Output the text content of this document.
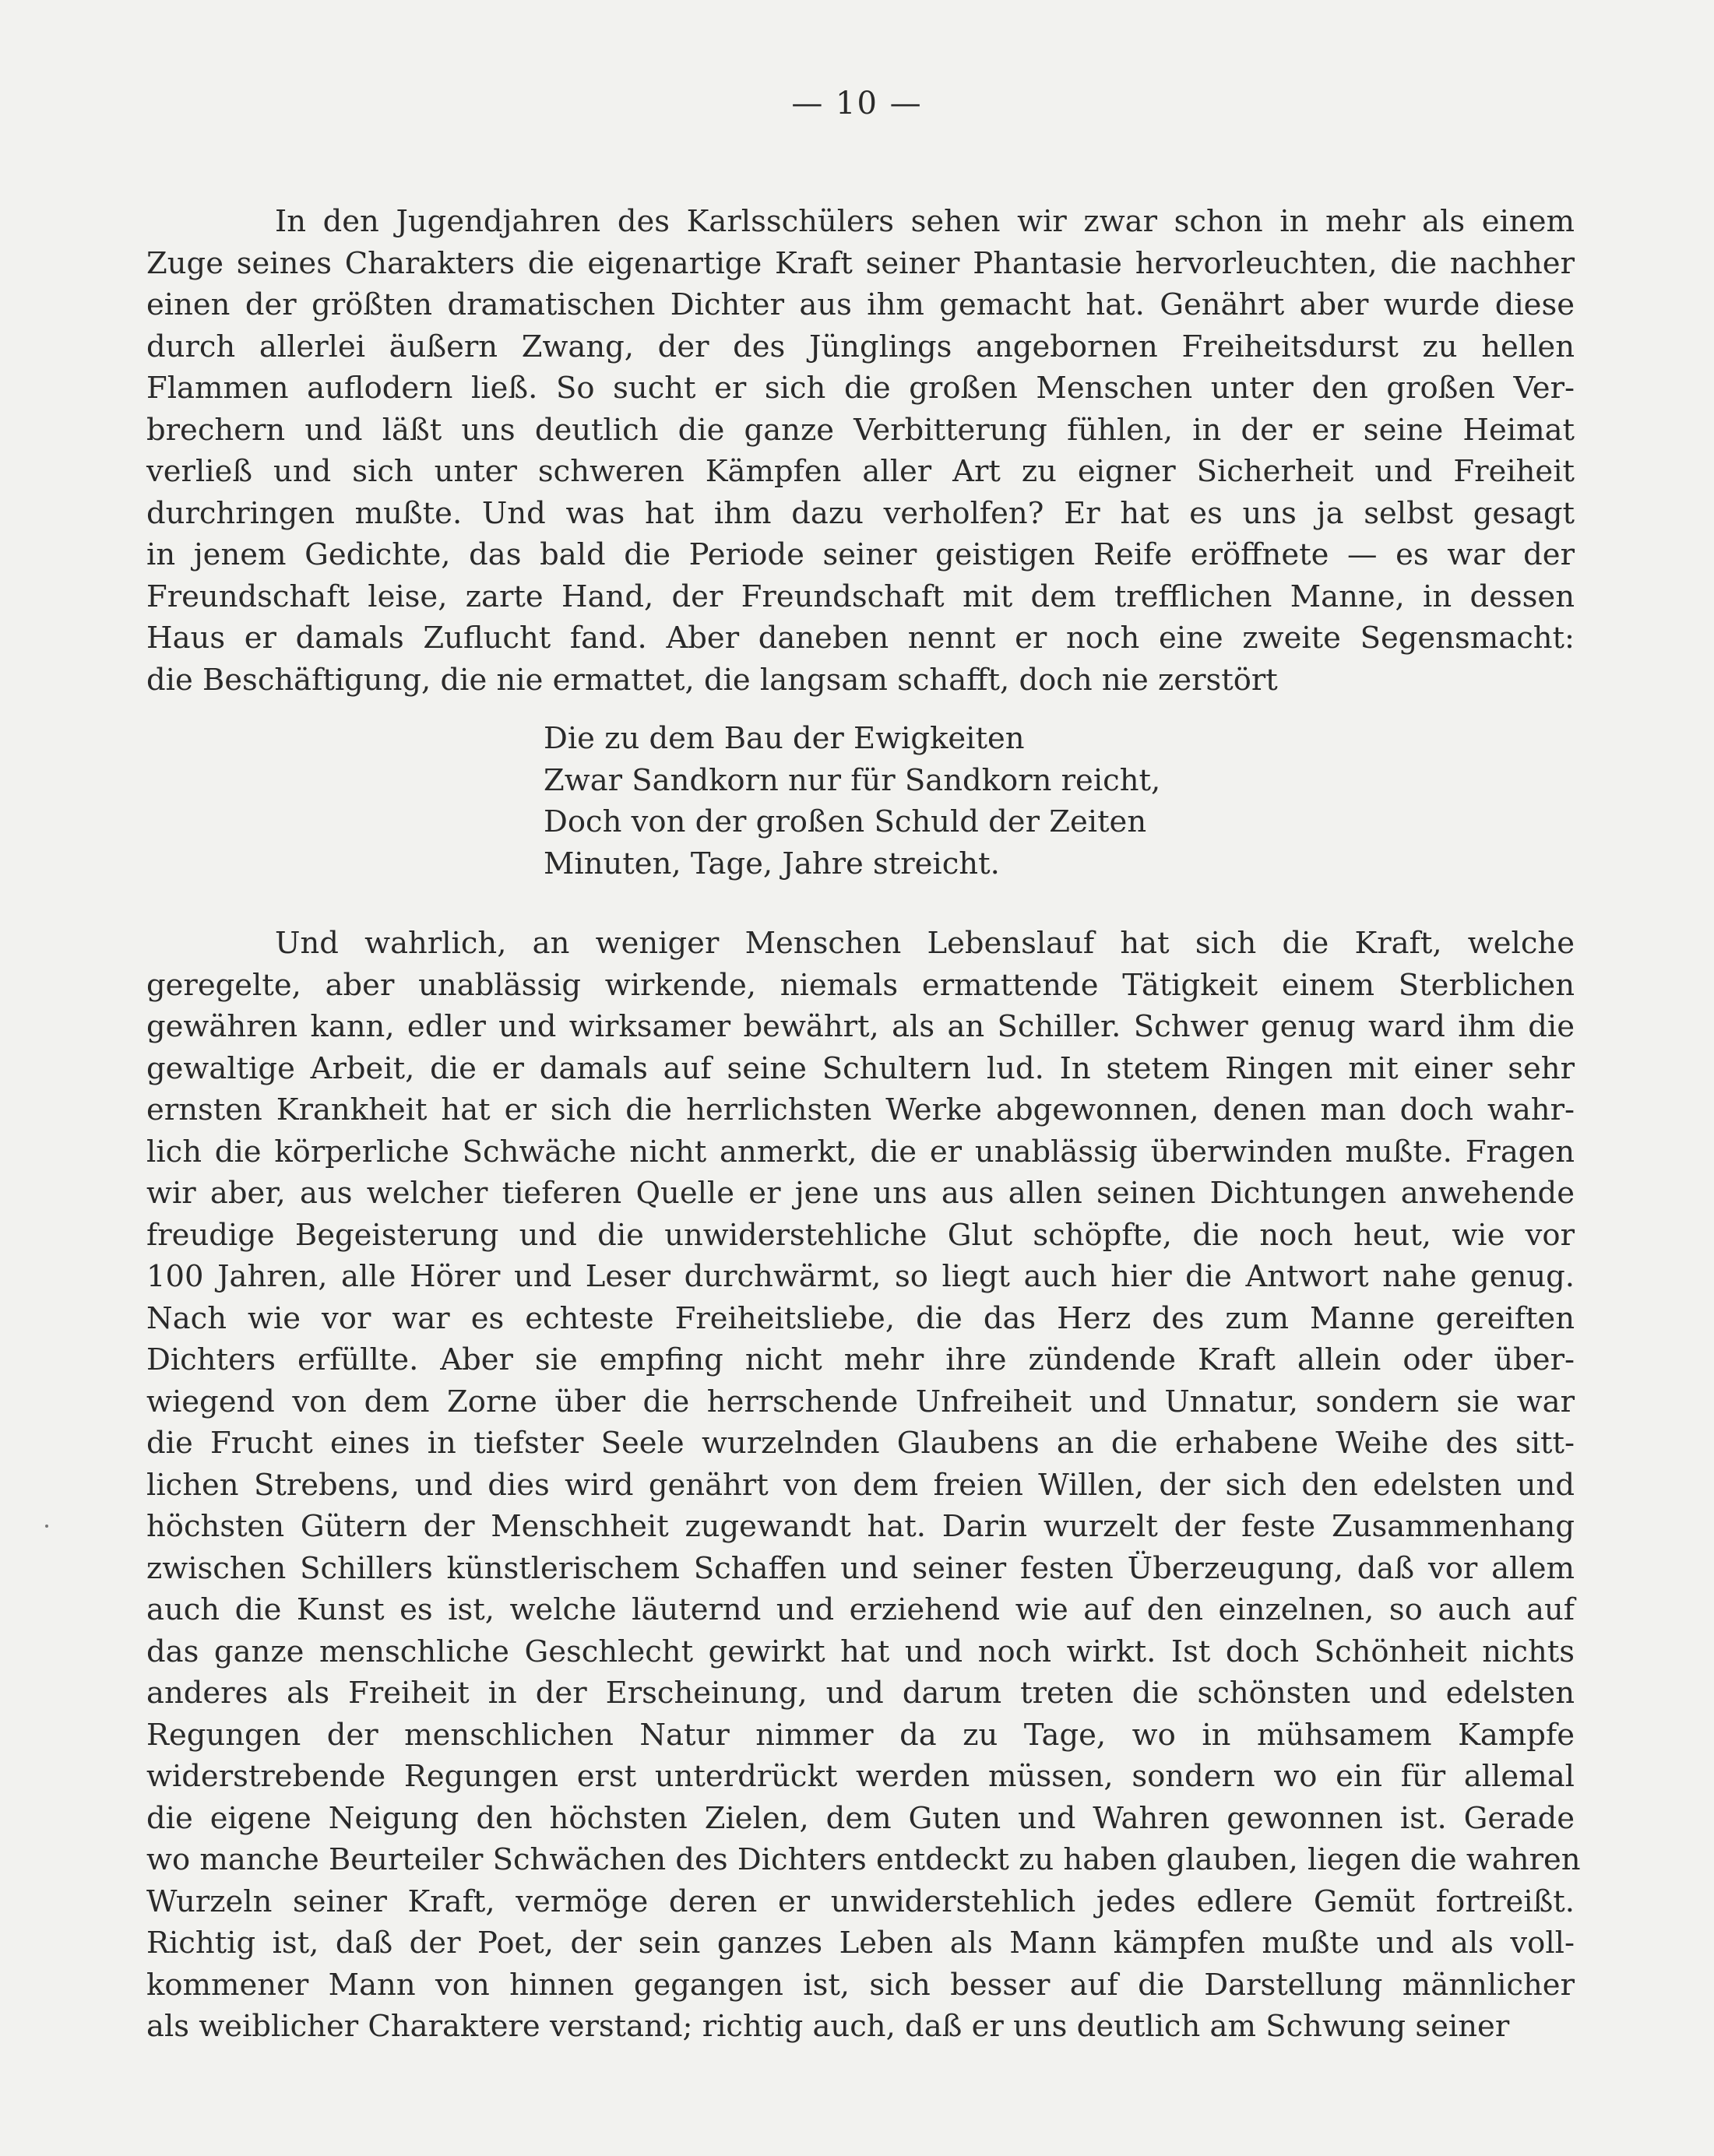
— 10 —
In den Jugendjahren des Karlsschülers sehen wir zwar schon in mehr als einem
Zuge seines Charakters die eigenartige Kraft seiner Phantasie hervorleuchten, die nachher
einen der größten dramatischen Dichter aus ihm gemacht hat. Genährt aber wurde diese
durch allerlei äußern Zwang, der des Jünglings angebornen Freiheitsdurst zu hellen
Flammen auflodern ließ. So sucht er sich die großen Menschen unter den großen Ver-
brechern und läßt uns deutlich die ganze Verbitterung fühlen, in der er seine Heimat
verließ und sich unter schweren Kämpfen aller Art zu eigner Sicherheit und Freiheit
durchringen mußte. Und was hat ihm dazu verholfen? Er hat es uns ja selbst gesagt
in jenem Gedichte, das bald die Periode seiner geistigen Reife eröffnete — es war der
Freundschaft leise, zarte Hand, der Freundschaft mit dem trefflichen Manne, in dessen
Haus er damals Zuflucht fand. Aber daneben nennt er noch eine zweite Segensmacht:
die Beschäftigung, die nie ermattet, die langsam schafft, doch nie zerstört
Die zu dem Bau der Ewigkeiten
Zwar Sandkorn nur für Sandkorn reicht,
Doch von der großen Schuld der Zeiten
Minuten, Tage, Jahre streicht.
Und wahrlich, an weniger Menschen Lebenslauf hat sich die Kraft, welche
geregelte, aber unablässig wirkende, niemals ermattende Tätigkeit einem Sterblichen
gewähren kann, edler und wirksamer bewährt, als an Schiller. Schwer genug ward ihm die
gewaltige Arbeit, die er damals auf seine Schultern lud. In stetem Ringen mit einer sehr
ernsten Krankheit hat er sich die herrlichsten Werke abgewonnen, denen man doch wahr-
lich die körperliche Schwäche nicht anmerkt, die er unablässig überwinden mußte. Fragen
wir aber, aus welcher tieferen Quelle er jene uns aus allen seinen Dichtungen anwehende
freudige Begeisterung und die unwiderstehliche Glut schöpfte, die noch heut, wie vor
100 Jahren, alle Hörer und Leser durchwärmt, so liegt auch hier die Antwort nahe genug.
Nach wie vor war es echteste Freiheitsliebe, die das Herz des zum Manne gereiften
Dichters erfüllte. Aber sie empfing nicht mehr ihre zündende Kraft allein oder über-
wiegend von dem Zorne über die herrschende Unfreiheit und Unnatur, sondern sie war
die Frucht eines in tiefster Seele wurzelnden Glaubens an die erhabene Weihe des sitt-
lichen Strebens, und dies wird genährt von dem freien Willen, der sich den edelsten und
höchsten Gütern der Menschheit zugewandt hat. Darin wurzelt der feste Zusammenhang
zwischen Schillers künstlerischem Schaffen und seiner festen Überzeugung, daß vor allem
auch die Kunst es ist, welche läuternd und erziehend wie auf den einzelnen, so auch auf
das ganze menschliche Geschlecht gewirkt hat und noch wirkt. Ist doch Schönheit nichts
anderes als Freiheit in der Erscheinung, und darum treten die schönsten und edelsten
Regungen der menschlichen Natur nimmer da zu Tage, wo in mühsamem Kampfe
widerstrebende Regungen erst unterdrückt werden müssen, sondern wo ein für allemal
die eigene Neigung den höchsten Zielen, dem Guten und Wahren gewonnen ist. Gerade
wo manche Beurteiler Schwächen des Dichters entdeckt zu haben glauben, liegen die wahren
Wurzeln seiner Kraft, vermöge deren er unwiderstehlich jedes edlere Gemüt fortreißt.
Richtig ist, daß der Poet, der sein ganzes Leben als Mann kämpfen mußte und als voll-
kommener Mann von hinnen gegangen ist, sich besser auf die Darstellung männlicher
als weiblicher Charaktere verstand; richtig auch, daß er uns deutlich am Schwung seiner
